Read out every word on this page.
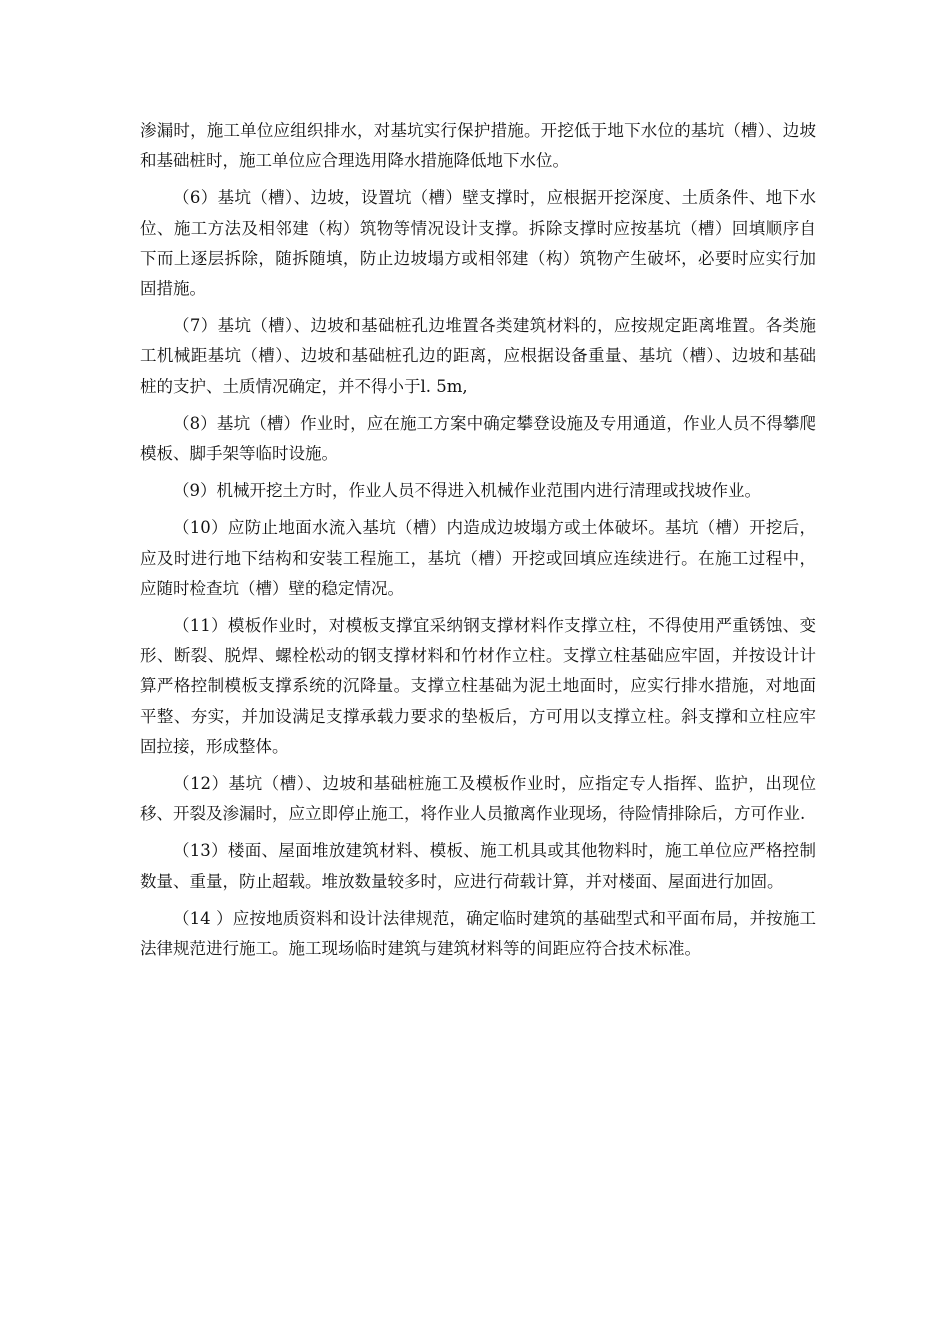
渗漏时，施工单位应组织排水，对基坑实行保护措施。开挖低于地下水位的基坑（槽）、边坡和基础桩时，施工单位应合理选用降水措施降低地下水位。

（6）基坑（槽）、边坡，设置坑（槽）壁支撑时，应根据开挖深度、土质条件、地下水位、施工方法及相邻建（构）筑物等情况设计支撑。拆除支撑时应按基坑（槽）回填顺序自下而上逐层拆除，随拆随填，防止边坡塌方或相邻建（构）筑物产生破坏，必要时应实行加固措施。

（7）基坑（槽）、边坡和基础桩孔边堆置各类建筑材料的，应按规定距离堆置。各类施工机械距基坑（槽）、边坡和基础桩孔边的距离，应根据设备重量、基坑（槽）、边坡和基础桩的支护、土质情况确定，并不得小于l. 5m,

（8）基坑（槽）作业时，应在施工方案中确定攀登设施及专用通道，作业人员不得攀爬模板、脚手架等临时设施。

（9）机械开挖土方时，作业人员不得进入机械作业范围内进行清理或找坡作业。

（10）应防止地面水流入基坑（槽）内造成边坡塌方或土体破坏。基坑（槽）开挖后，应及时进行地下结构和安装工程施工，基坑（槽）开挖或回填应连续进行。在施工过程中，应随时检查坑（槽）壁的稳定情况。

（11）模板作业时，对模板支撑宜采纳钢支撑材料作支撑立柱，不得使用严重锈蚀、变形、断裂、脱焊、螺栓松动的钢支撑材料和竹材作立柱。支撑立柱基础应牢固，并按设计计算严格控制模板支撑系统的沉降量。支撑立柱基础为泥土地面时，应实行排水措施，对地面平整、夯实，并加设满足支撑承载力要求的垫板后，方可用以支撑立柱。斜支撑和立柱应牢固拉接，形成整体。

（12）基坑（槽）、边坡和基础桩施工及模板作业时，应指定专人指挥、监护，出现位移、开裂及渗漏时，应立即停止施工，将作业人员撤离作业现场，待险情排除后，方可作业.

（13）楼面、屋面堆放建筑材料、模板、施工机具或其他物料时，施工单位应严格控制数量、重量，防止超载。堆放数量较多时，应进行荷载计算，并对楼面、屋面进行加固。

（14 ）应按地质资料和设计法律规范，确定临时建筑的基础型式和平面布局，并按施工法律规范进行施工。施工现场临时建筑与建筑材料等的间距应符合技术标准。
